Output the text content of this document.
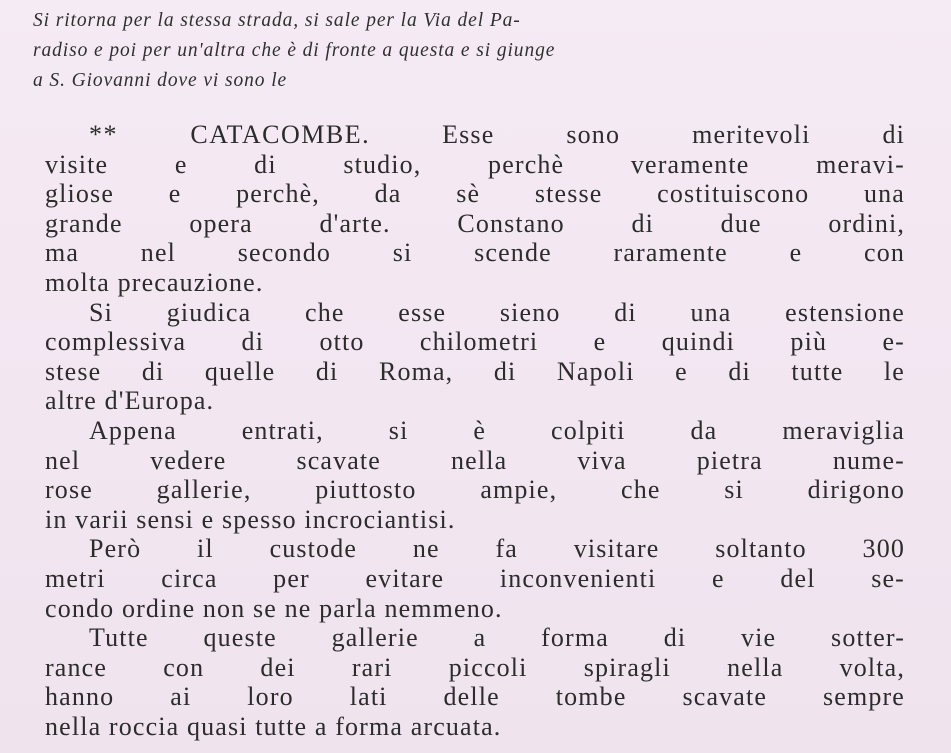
Si ritorna per la stessa strada, si sale per la Via del Pa-
radiso e poi per un'altra che è di fronte a questa e si giunge
a S. Giovanni dove vi sono le
** CATACOMBE.	Esse sono meritevoli di
visite e di studio, perchè veramente meravi-
gliose e perchè, da sè stesse costituiscono una
grande opera d'arte. Constano di due ordini,
ma nel secondo si scende raramente e con
molta precauzione.
Si giudica che esse sieno di una estensione
complessiva di otto chilometri e quindi più e-
stese di quelle di Roma, di Napoli e di tutte le
altre d'Europa.
Appena entrati, si è colpiti da meraviglia
nel vedere scavate nella viva pietra nume-
rose gallerie, piuttosto ampie, che si dirigono
in varii sensi e spesso incrociantisi.
Però il custode ne fa visitare soltanto 300
metri circa per evitare inconvenienti e del se-
condo ordine non se ne parla nemmeno.
Tutte queste gallerie a forma di vie sotter-
rance con dei rari piccoli spiragli nella volta,
hanno ai loro lati delle tombe scavate sempre
nella roccia quasi tutte a forma arcuata.
